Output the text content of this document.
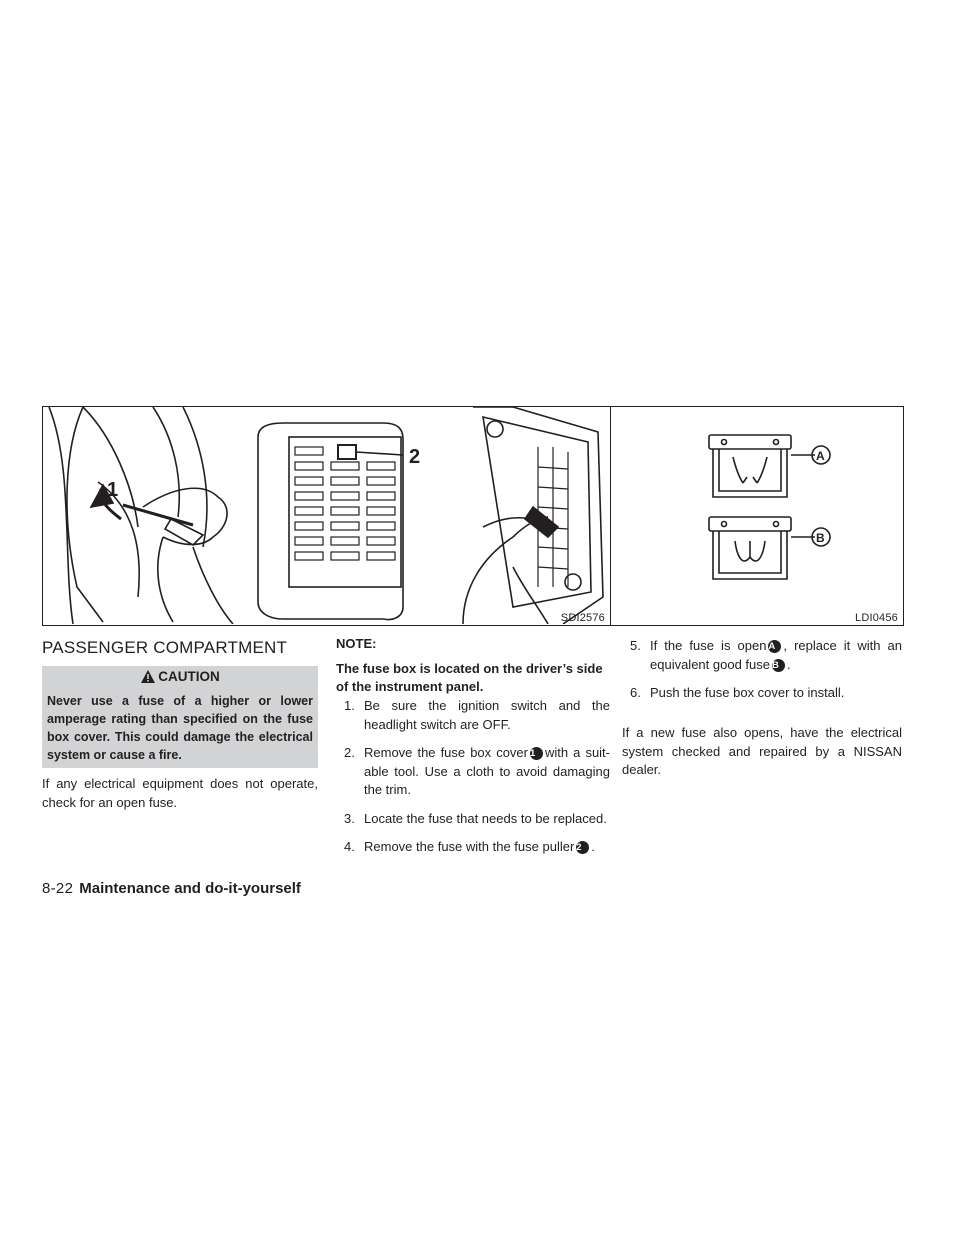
1
2
SDI2576
A
B
LDI0456
PASSENGER COMPARTMENT
CAUTION
Never use a fuse of a higher or lower amperage rating than specified on the fuse box cover. This could damage the electrical system or cause a fire.
If any electrical equipment does not operate, check for an open fuse.
NOTE:
The fuse box is located on the driver’s side of the instrument panel.
1. Be sure the ignition switch and the headlight switch are OFF.
2. Remove the fuse box cover 1 with a suit-able tool. Use a cloth to avoid damaging the trim.
3. Locate the fuse that needs to be replaced.
4. Remove the fuse with the fuse puller 2 .
5. If the fuse is open A , replace it with an equivalent good fuse B .
6. Push the fuse box cover to install.
If a new fuse also opens, have the electrical system checked and repaired by a NISSAN dealer.
8-22 Maintenance and do-it-yourself
